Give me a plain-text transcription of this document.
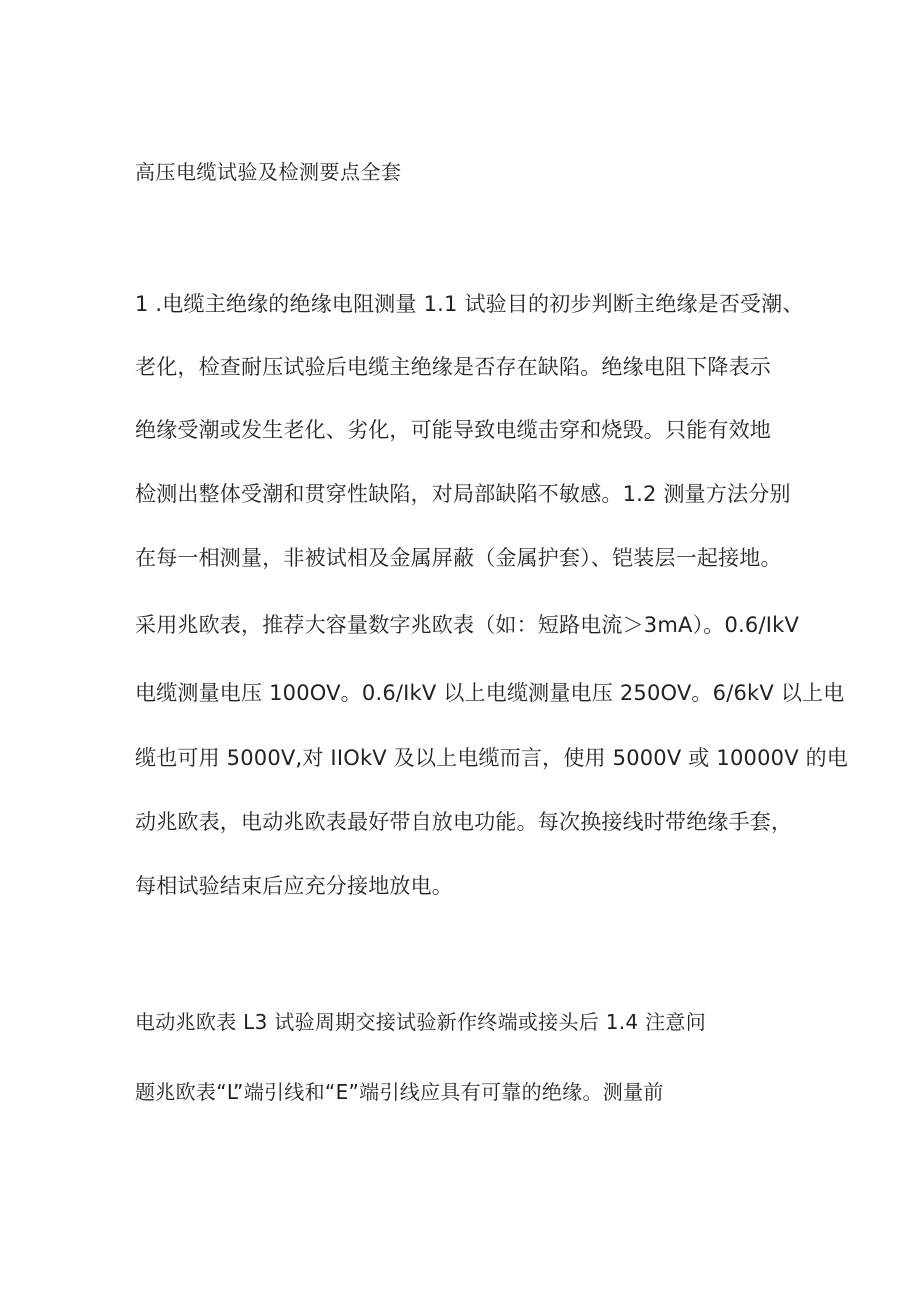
高压电缆试验及检测要点全套
1 .电缆主绝缘的绝缘电阻测量 1.1 试验目的初步判断主绝缘是否受潮、
老化，检查耐压试验后电缆主绝缘是否存在缺陷。绝缘电阻下降表示
绝缘受潮或发生老化、劣化，可能导致电缆击穿和烧毁。只能有效地
检测出整体受潮和贯穿性缺陷，对局部缺陷不敏感。1.2 测量方法分别
在每一相测量，非被试相及金属屏蔽（金属护套）、铠装层一起接地。
采用兆欧表，推荐大容量数字兆欧表（如：短路电流＞3mA）。0.6/IkV
电缆测量电压 100OV。0.6/IkV 以上电缆测量电压 250OV。6/6kV 以上电
缆也可用 5000V,对 IIOkV 及以上电缆而言，使用 5000V 或 10000V 的电
动兆欧表，电动兆欧表最好带自放电功能。每次换接线时带绝缘手套，
每相试验结束后应充分接地放电。
电动兆欧表 L3 试验周期交接试验新作终端或接头后 1.4 注意问
题兆欧表“L”端引线和“E”端引线应具有可靠的绝缘。测量前
